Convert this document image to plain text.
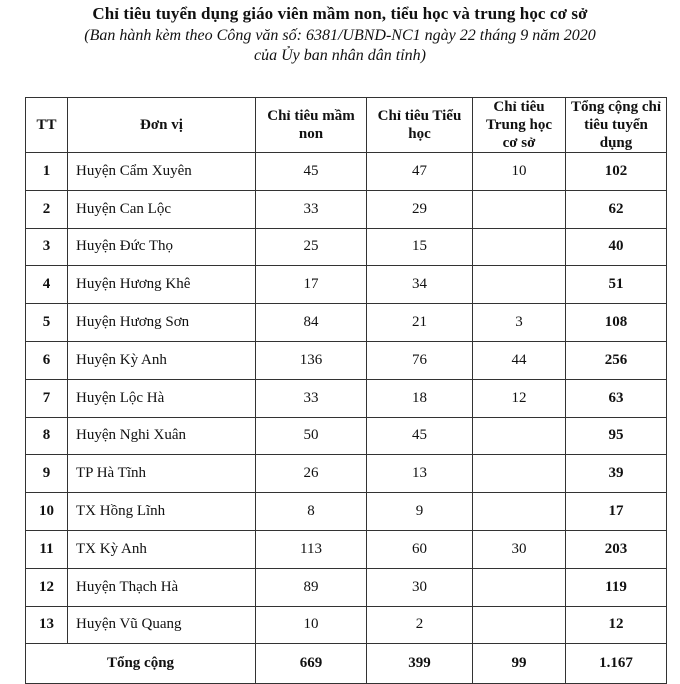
Chỉ tiêu tuyển dụng giáo viên mầm non, tiểu học và trung học cơ sở
(Ban hành kèm theo Công văn số: 6381/UBND-NC1 ngày 22 tháng 9 năm 2020
của Ủy ban nhân dân tỉnh)
TT	Đơn vị	Chỉ tiêu mầm non	Chỉ tiêu Tiểu học	Chỉ tiêu Trung học cơ sở	Tổng cộng chỉ tiêu tuyển dụng
1	Huyện Cẩm Xuyên	45	47	10	102
2	Huyện Can Lộc	33	29		62
3	Huyện Đức Thọ	25	15		40
4	Huyện Hương Khê	17	34		51
5	Huyện Hương Sơn	84	21	3	108
6	Huyện Kỳ Anh	136	76	44	256
7	Huyện Lộc Hà	33	18	12	63
8	Huyện Nghi Xuân	50	45		95
9	TP Hà Tĩnh	26	13		39
10	TX Hồng Lĩnh	8	9		17
11	TX Kỳ Anh	113	60	30	203
12	Huyện Thạch Hà	89	30		119
13	Huyện Vũ Quang	10	2		12
Tổng cộng		669	399	99	1.167
